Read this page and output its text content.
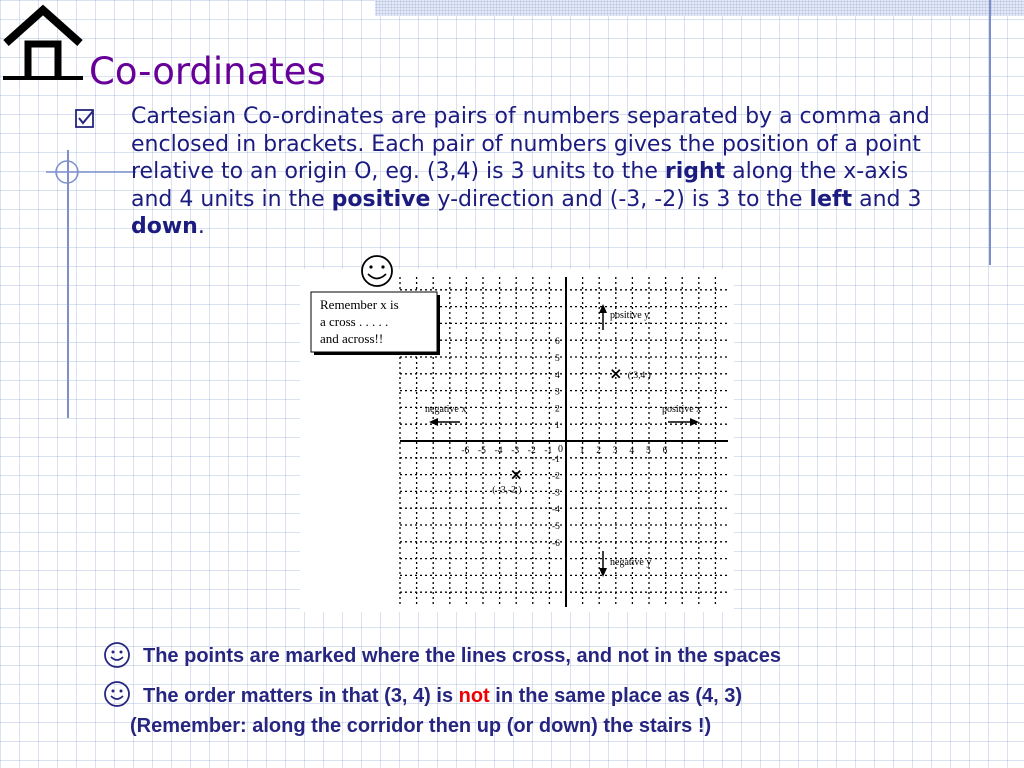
Co-ordinates
Cartesian Co-ordinates are pairs of numbers separated by a comma and enclosed in brackets. Each pair of numbers gives the position of a point relative to an origin O, eg. (3,4) is 3 units to the right along the x-axis and 4 units in the positive y-direction and (-3, -2) is 3 to the left and 3 down.
0
-6 -5 -4 -3 -2 -1	1 2 3 4 5 6
1
2
3
4
5
6
-1
-2
-3
-4
-5
-6
( 3,4 )
( -3,-2 )
positive y
negative y
negative x	positive x
Remember x is
a cross . . . . .
and across!!
The points are marked where the lines cross, and not in the spaces
The order matters in that (3, 4) is not in the same place as (4, 3)
(Remember: along the corridor then up (or down) the stairs !)
